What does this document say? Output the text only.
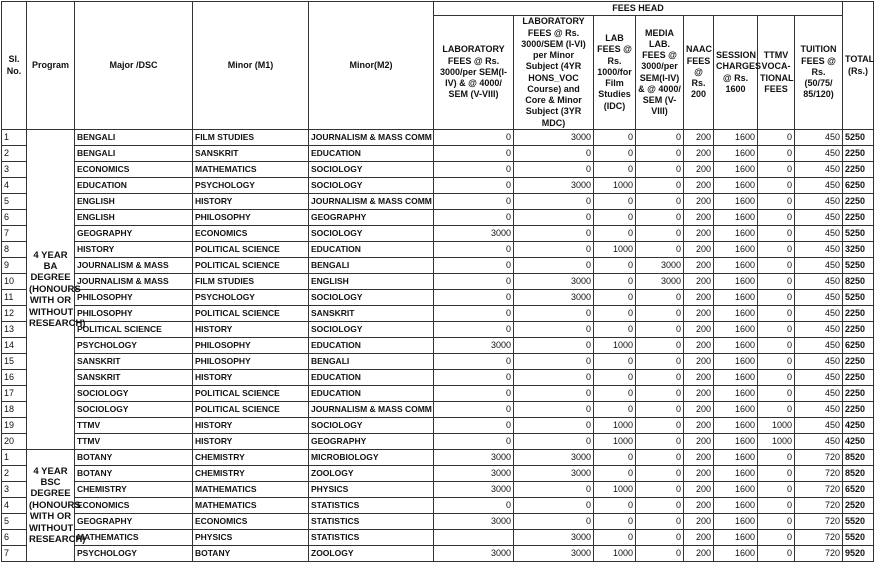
Sl. No.	Program	Major /DSC	Minor (M1)	Minor(M2)	FEES HEAD								TOTAL (Rs.)
					LABORATORY FEES @ Rs. 3000/per SEM(I-IV) & @ 4000/ SEM (V-VIII)	LABORATORY FEES @ Rs. 3000/SEM (I-VI) per Minor Subject (4YR HONS_VOC Course) and Core & Minor Subject (3YR MDC)	LAB FEES @ Rs. 1000/for Film Studies (IDC)	MEDIA LAB. FEES @ 3000/per SEM(I-IV) & @ 4000/ SEM (V-VIII)	NAAC FEES @ Rs. 200	SESSION CHARGES @ Rs. 1600	TTMV VOCA-TIONAL FEES	TUITION FEES @ Rs. (50/75/ 85/120)	
1	4 YEAR BA DEGREE (HONOURS WITH OR WITHOUT RESEARCH)	BENGALI	FILM STUDIES	JOURNALISM & MASS COMM	0	3000	0	0	200	1600	0	450	5250
2		BENGALI	SANSKRIT	EDUCATION	0	0	0	0	200	1600	0	450	2250
3		ECONOMICS	MATHEMATICS	SOCIOLOGY	0	0	0	0	200	1600	0	450	2250
4		EDUCATION	PSYCHOLOGY	SOCIOLOGY	0	3000	1000	0	200	1600	0	450	6250
5		ENGLISH	HISTORY	JOURNALISM & MASS COMM	0	0	0	0	200	1600	0	450	2250
6		ENGLISH	PHILOSOPHY	GEOGRAPHY	0	0	0	0	200	1600	0	450	2250
7		GEOGRAPHY	ECONOMICS	SOCIOLOGY	3000	0	0	0	200	1600	0	450	5250
8		HISTORY	POLITICAL SCIENCE	EDUCATION	0	0	1000	0	200	1600	0	450	3250
9		JOURNALISM & MASS	POLITICAL SCIENCE	BENGALI	0	0	0	3000	200	1600	0	450	5250
10		JOURNALISM & MASS	FILM STUDIES	ENGLISH	0	3000	0	3000	200	1600	0	450	8250
11		PHILOSOPHY	PSYCHOLOGY	SOCIOLOGY	0	3000	0	0	200	1600	0	450	5250
12		PHILOSOPHY	POLITICAL SCIENCE	SANSKRIT	0	0	0	0	200	1600	0	450	2250
13		POLITICAL SCIENCE	HISTORY	SOCIOLOGY	0	0	0	0	200	1600	0	450	2250
14		PSYCHOLOGY	PHILOSOPHY	EDUCATION	3000	0	1000	0	200	1600	0	450	6250
15		SANSKRIT	PHILOSOPHY	BENGALI	0	0	0	0	200	1600	0	450	2250
16		SANSKRIT	HISTORY	EDUCATION	0	0	0	0	200	1600	0	450	2250
17		SOCIOLOGY	POLITICAL SCIENCE	EDUCATION	0	0	0	0	200	1600	0	450	2250
18		SOCIOLOGY	POLITICAL SCIENCE	JOURNALISM & MASS COMM	0	0	0	0	200	1600	0	450	2250
19		TTMV	HISTORY	SOCIOLOGY	0	0	1000	0	200	1600	1000	450	4250
20		TTMV	HISTORY	GEOGRAPHY	0	0	1000	0	200	1600	1000	450	4250
1	4 YEAR BSC DEGREE (HONOURS WITH OR WITHOUT RESEARCH)	BOTANY	CHEMISTRY	MICROBIOLOGY	3000	3000	0	0	200	1600	0	720	8520
2		BOTANY	CHEMISTRY	ZOOLOGY	3000	3000	0	0	200	1600	0	720	8520
3		CHEMISTRY	MATHEMATICS	PHYSICS	3000	0	1000	0	200	1600	0	720	6520
4		ECONOMICS	MATHEMATICS	STATISTICS	0	0	0	0	200	1600	0	720	2520
5		GEOGRAPHY	ECONOMICS	STATISTICS	3000	0	0	0	200	1600	0	720	5520
6		MATHEMATICS	PHYSICS	STATISTICS		3000	0	0	200	1600	0	720	5520
7		PSYCHOLOGY	BOTANY	ZOOLOGY	3000	3000	1000	0	200	1600	0	720	9520
